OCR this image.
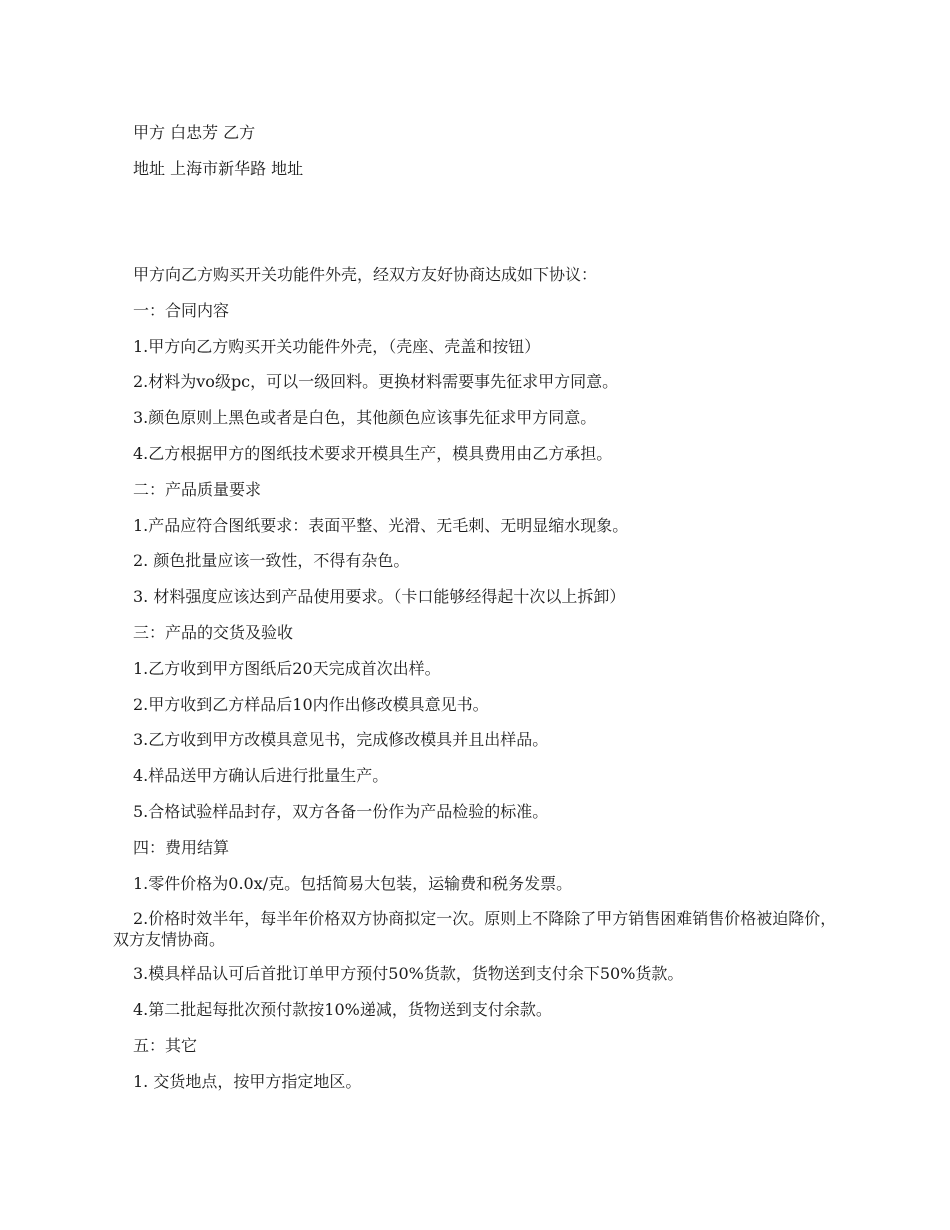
甲方 白忠芳 乙方

地址 上海市新华路 地址

甲方向乙方购买开关功能件外壳，经双方友好协商达成如下协议：

一：合同内容

1.甲方向乙方购买开关功能件外壳，（壳座、壳盖和按钮）

2.材料为vo级pc，可以一级回料。更换材料需要事先征求甲方同意。

3.颜色原则上黑色或者是白色，其他颜色应该事先征求甲方同意。

4.乙方根据甲方的图纸技术要求开模具生产，模具费用由乙方承担。

二：产品质量要求

1.产品应符合图纸要求：表面平整、光滑、无毛刺、无明显缩水现象。

2. 颜色批量应该一致性，不得有杂色。

3. 材料强度应该达到产品使用要求。（卡口能够经得起十次以上拆卸）

三：产品的交货及验收

1.乙方收到甲方图纸后20天完成首次出样。

2.甲方收到乙方样品后10内作出修改模具意见书。

3.乙方收到甲方改模具意见书，完成修改模具并且出样品。

4.样品送甲方确认后进行批量生产。

5.合格试验样品封存，双方各备一份作为产品检验的标准。

四：费用结算

1.零件价格为0.0x/克。包括简易大包装，运输费和税务发票。

2.价格时效半年，每半年价格双方协商拟定一次。原则上不降除了甲方销售困难销售价格被迫降价，双方友情协商。

3.模具样品认可后首批订单甲方预付50%货款，货物送到支付余下50%货款。

4.第二批起每批次预付款按10%递减，货物送到支付余款。

五：其它

1. 交货地点，按甲方指定地区。
